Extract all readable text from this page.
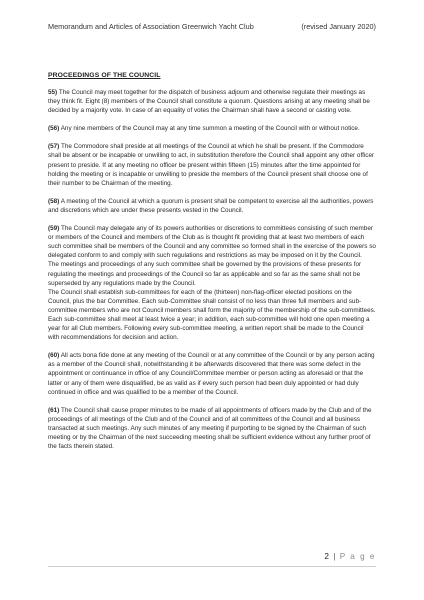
Memorandum and Articles of Association Greenwich Yacht Club	(revised January 2020)
PROCEEDINGS OF THE COUNCIL

55) The Council may meet together for the dispatch of business adjourn and otherwise regulate their meetings as they think fit. Eight (8) members of the Council shall constitute a quorum. Questions arising at any meeting shall be decided by a majority vote. In case of an equality of votes the Chairman shall have a second or casting vote.

(56) Any nine members of the Council may at any time summon a meeting of the Council with or without notice.

(57) The Commodore shall preside at all meetings of the Council at which he shall be present. If the Commodore shall be absent or be incapable or unwilling to act, in substitution therefore the Council shall appoint any other officer present to preside. If at any meeting no officer be present within fifteen (15) minutes after the time appointed for holding the meeting or is incapable or unwilling to preside the members of the Council present shall choose one of their number to be Chairman of the meeting.

(58) A meeting of the Council at which a quorum is present shall be competent to exercise all the authorities, powers and discretions which are under these presents vested in the Council.

(59) The Council may delegate any of its powers authorities or discretions to committees consisting of such member or members of the Council and members of the Club as is thought fit providing that at least two members of each such committee shall be members of the Council and any committee so formed shall in the exercise of the powers so delegated conform to and comply with such regulations and restrictions as may be imposed on it by the Council.
The meetings and proceedings of any such committee shall be governed by the provisions of these presents for regulating the meetings and proceedings of the Council so far as applicable and so far as the same shall not be superseded by any regulations made by the Council.
The Council shall establish sub-committees for each of the (thirteen) non-flag-officer elected positions on the Council, plus the bar Committee. Each sub-Committee shall consist of no less than three full members and sub-committee members who are not Council members shall form the majority of the membership of the sub-committees. Each sub-committee shall meet at least twice a year; in addition, each sub-committee will hold one open meeting a year for all Club members. Following every sub-committee meeting, a written report shall be made to the Council with recommendations for decision and action.

(60) All acts bona fide done at any meeting of the Council or at any committee of the Council or by any person acting as a member of the Council shall, notwithstanding it be afterwards discovered that there was some defect in the appointment or continuance in office of any Council/Committee member or person acting as aforesaid or that the latter or any of them were disqualified, be as valid as if every such person had been duly appointed or had duly continued in office and was qualified to be a member of the Council.

(61) The Council shall cause proper minutes to be made of all appointments of officers made by the Club and of the proceedings of all meetings of the Club and of the Council and of all committees of the Council and all business transacted at such meetings. Any such minutes of any meeting if purporting to be signed by the Chairman of such meeting or by the Chairman of the next succeeding meeting shall be sufficient evidence without any further proof of the facts therein stated.

2 | P a g e
